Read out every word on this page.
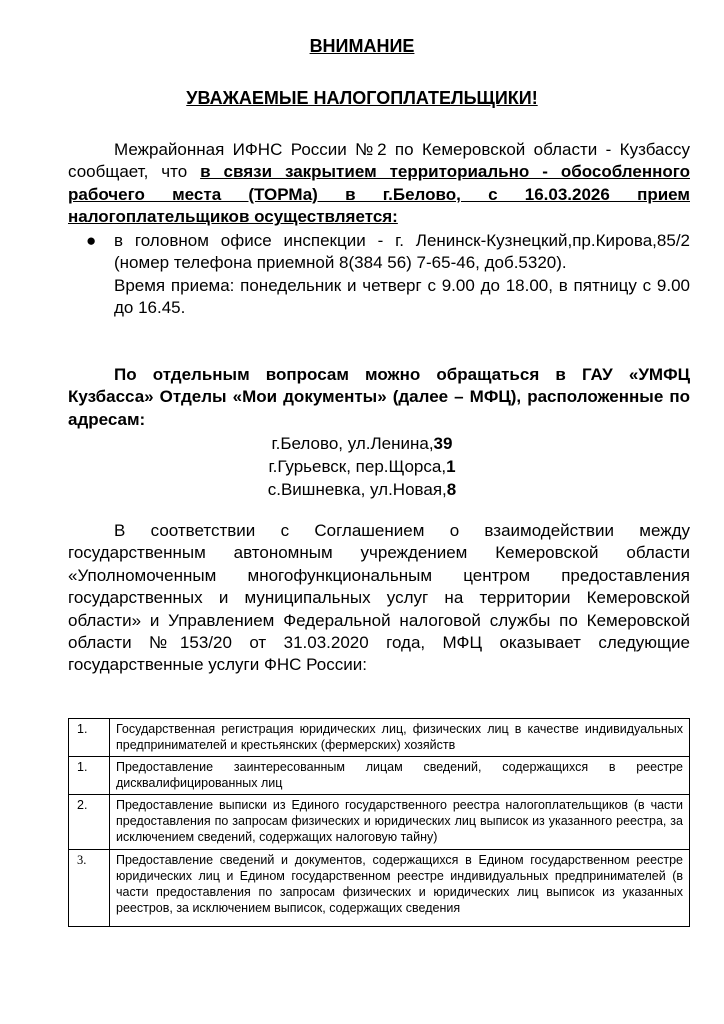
ВНИМАНИЕ
УВАЖАЕМЫЕ НАЛОГОПЛАТЕЛЬЩИКИ!

Межрайонная ИФНС России №2 по Кемеровской области - Кузбассу сообщает, что в связи закрытием территориально - обособленного рабочего места (ТОРМа) в г.Белово, с 16.03.2026 прием налогоплательщиков осуществляется:

● в головном офисе инспекции - г. Ленинск-Кузнецкий,пр.Кирова,85/2 (номер телефона приемной 8(384 56) 7-65-46, доб.5320).

Время приема: понедельник и четверг с 9.00 до 18.00, в пятницу с 9.00 до 16.45.

По отдельным вопросам можно обращаться в ГАУ «УМФЦ Кузбасса» Отделы «Мои документы» (далее – МФЦ), расположенные по адресам:

г.Белово, ул.Ленина,39
г.Гурьевск, пер.Щорса,1
с.Вишневка, ул.Новая,8

В соответствии с Соглашением о взаимодействии между государственным автономным учреждением Кемеровской области «Уполномоченным многофункциональным центром предоставления государственных и муниципальных услуг на территории Кемеровской области» и Управлением Федеральной налоговой службы по Кемеровской области №153/20 от 31.03.2020 года, МФЦ оказывает следующие государственные услуги ФНС России:

1.	Государственная регистрация юридических лиц, физических лиц в качестве индивидуальных предпринимателей и крестьянских (фермерских) хозяйств
1.	Предоставление заинтересованным лицам сведений, содержащихся в реестре дисквалифицированных лиц
2.	Предоставление выписки из Единого государственного реестра налогоплательщиков (в части предоставления по запросам физических и юридических лиц выписок из указанного реестра, за исключением сведений, содержащих налоговую тайну)
3.	Предоставление сведений и документов, содержащихся в Едином государственном реестре юридических лиц и Едином государственном реестре индивидуальных предпринимателей (в части предоставления по запросам физических и юридических лиц выписок из указанных реестров, за исключением выписок, содержащих сведения
